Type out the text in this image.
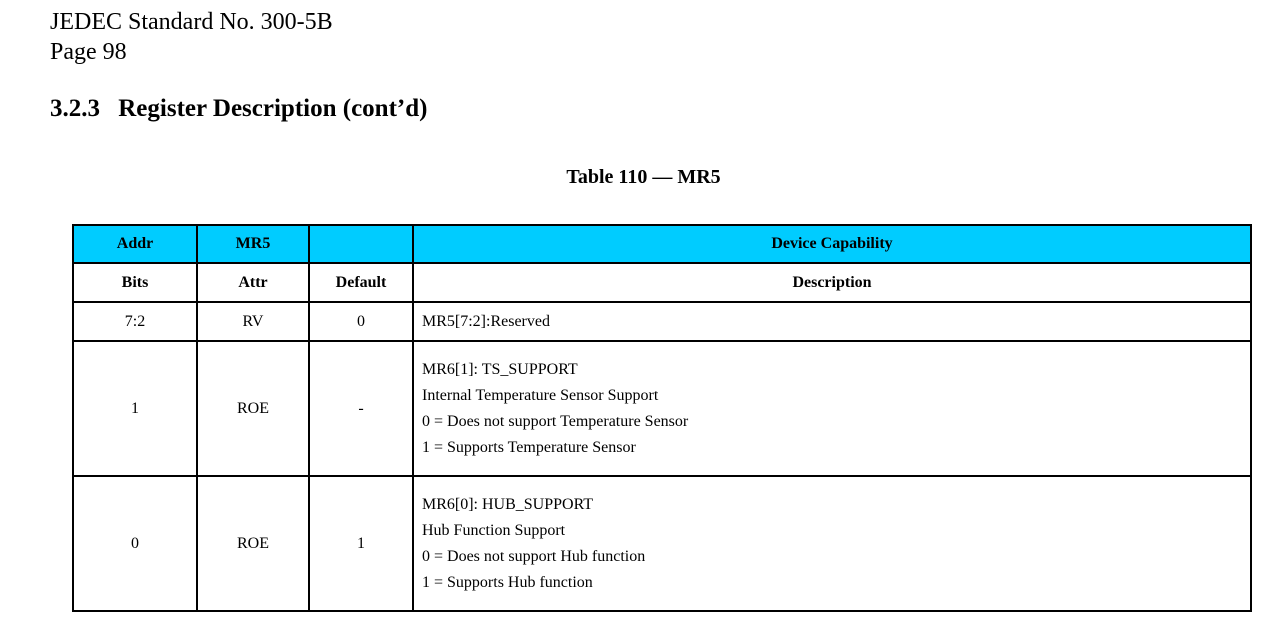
JEDEC Standard No. 300-5B
Page 98
3.2.3 Register Description (cont’d)
Table 110 — MR5
Addr	MR5		Device Capability
Bits	Attr	Default	Description
7:2	RV	0	MR5[7:2]:Reserved

1	ROE	-	MR6[1]: TS_SUPPORT
Internal Temperature Sensor Support
0 = Does not support Temperature Sensor
1 = Supports Temperature Sensor

0	ROE	1	MR6[0]: HUB_SUPPORT
Hub Function Support
0 = Does not support Hub function
1 = Supports Hub function
